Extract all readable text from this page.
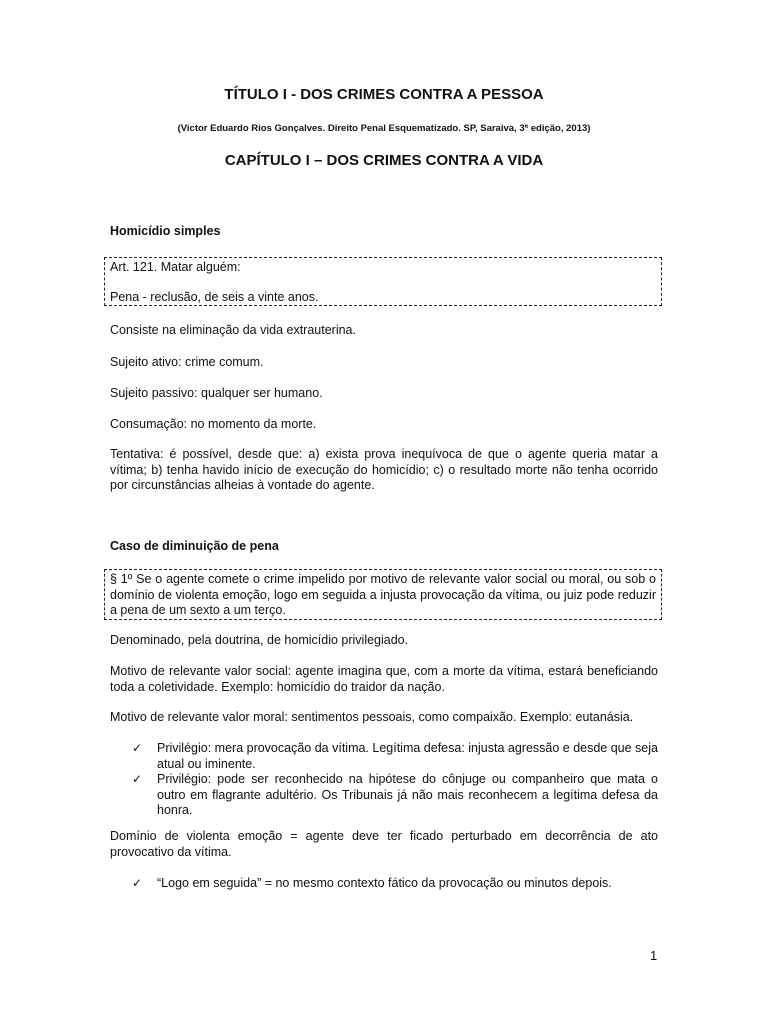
TÍTULO I - DOS CRIMES CONTRA A PESSOA
(Victor Eduardo Rios Gonçalves. Direito Penal Esquematizado. SP, Saraiva, 3ª edição, 2013)
CAPÍTULO I – DOS CRIMES CONTRA A VIDA
Homicídio simples

Art. 121. Matar alguém:

Pena - reclusão, de seis a vinte anos.

Consiste na eliminação da vida extrauterina.
Sujeito ativo: crime comum.
Sujeito passivo: qualquer ser humano.
Consumação: no momento da morte.
Tentativa: é possível, desde que: a) exista prova inequívoca de que o agente queria matar a vítima; b) tenha havido início de execução do homicídio; c) o resultado morte não tenha ocorrido por circunstâncias alheias à vontade do agente.
Caso de diminuição de pena

§ 1º Se o agente comete o crime impelido por motivo de relevante valor social ou moral, ou sob o domínio de violenta emoção, logo em seguida a injusta provocação da vítima, ou juiz pode reduzir a pena de um sexto a um terço.

Denominado, pela doutrina, de homicídio privilegiado.
Motivo de relevante valor social: agente imagina que, com a morte da vítima, estará beneficiando toda a coletividade. Exemplo: homicídio do traidor da nação.
Motivo de relevante valor moral: sentimentos pessoais, como compaixão. Exemplo: eutanásia.
✓ Privilégio: mera provocação da vítima. Legítima defesa: injusta agressão e desde que seja atual ou iminente.
✓ Privilégio: pode ser reconhecido na hipótese do cônjuge ou companheiro que mata o outro em flagrante adultério. Os Tribunais já não mais reconhecem a legítima defesa da honra.
Domínio de violenta emoção = agente deve ter ficado perturbado em decorrência de ato provocativo da vítima.
✓ “Logo em seguida” = no mesmo contexto fático da provocação ou minutos depois.
1
